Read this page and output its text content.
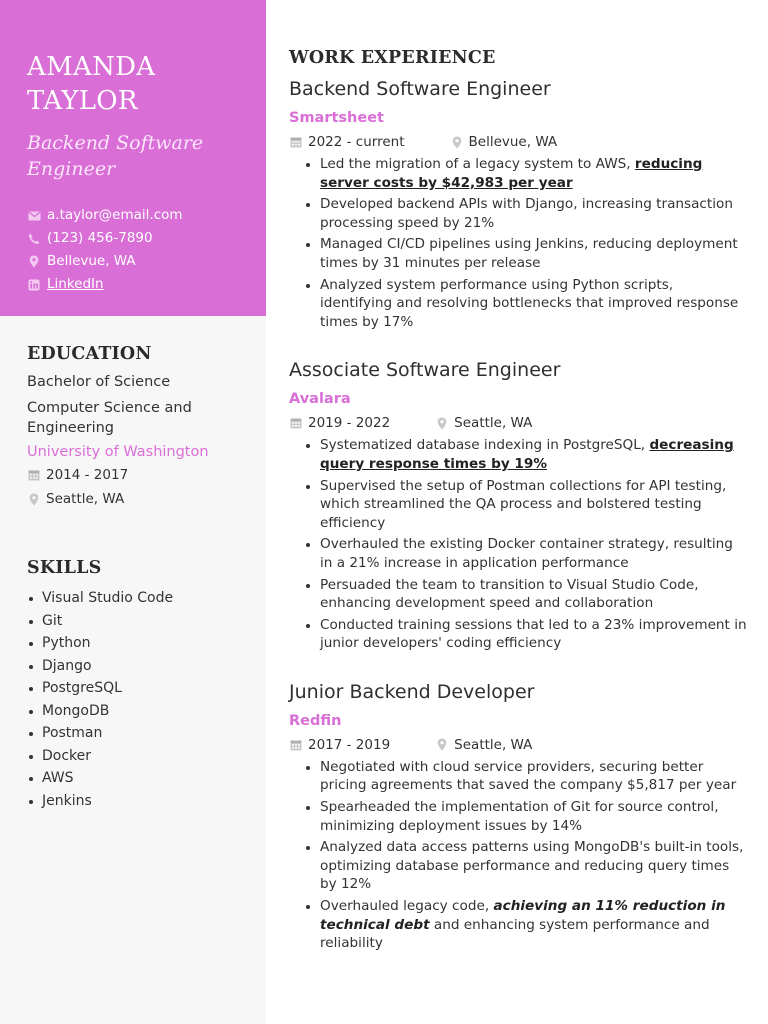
AMANDA
TAYLOR
Backend Software Engineer
a.taylor@email.com
(123) 456-7890
Bellevue, WA
LinkedIn
EDUCATION
Bachelor of Science
Computer Science and Engineering
University of Washington
2014 - 2017
Seattle, WA
SKILLS
Visual Studio Code
Git
Python
Django
PostgreSQL
MongoDB
Postman
Docker
AWS
Jenkins
WORK EXPERIENCE
Backend Software Engineer
Smartsheet
2022 - current	Bellevue, WA
Led the migration of a legacy system to AWS, reducing server costs by $42,983 per year
Developed backend APIs with Django, increasing transaction processing speed by 21%
Managed CI/CD pipelines using Jenkins, reducing deployment times by 31 minutes per release
Analyzed system performance using Python scripts, identifying and resolving bottlenecks that improved response times by 17%
Associate Software Engineer
Avalara
2019 - 2022	Seattle, WA
Systematized database indexing in PostgreSQL, decreasing query response times by 19%
Supervised the setup of Postman collections for API testing, which streamlined the QA process and bolstered testing efficiency
Overhauled the existing Docker container strategy, resulting in a 21% increase in application performance
Persuaded the team to transition to Visual Studio Code, enhancing development speed and collaboration
Conducted training sessions that led to a 23% improvement in junior developers' coding efficiency
Junior Backend Developer
Redfin
2017 - 2019	Seattle, WA
Negotiated with cloud service providers, securing better pricing agreements that saved the company $5,817 per year
Spearheaded the implementation of Git for source control, minimizing deployment issues by 14%
Analyzed data access patterns using MongoDB's built-in tools, optimizing database performance and reducing query times by 12%
Overhauled legacy code, achieving an 11% reduction in technical debt and enhancing system performance and reliability
